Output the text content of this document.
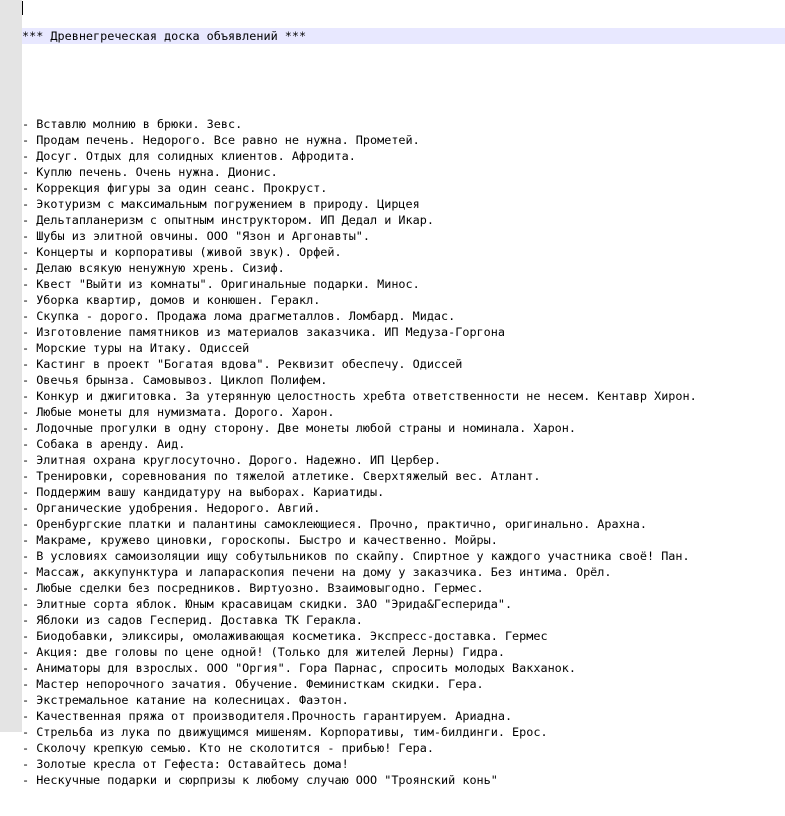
*** Древнегреческая доска объявлений ***

- Вставлю молнию в брюки. Зевс.
- Продам печень. Недорого. Все равно не нужна. Прометей.
- Досуг. Отдых для солидных клиентов. Афродита.
- Куплю печень. Очень нужна. Дионис.
- Коррекция фигуры за один сеанс. Прокруст.
- Экотуризм с максимальным погружением в природу. Цирцея
- Дельтапланеризм с опытным инструктором. ИП Дедал и Икар.
- Шубы из элитной овчины. ООО "Язон и Аргонавты".
- Концерты и корпоративы (живой звук). Орфей.
- Делаю всякую ненужную хрень. Сизиф.
- Квест "Выйти из комнаты". Оригинальные подарки. Минос.
- Уборка квартир, домов и конюшен. Геракл.
- Скупка - дорого. Продажа лома драгметаллов. Ломбард. Мидас.
- Изготовление памятников из материалов заказчика. ИП Медуза-Горгона
- Морские туры на Итаку. Одиссей
- Кастинг в проект "Богатая вдова". Реквизит обеспечу. Одиссей
- Овечья брынза. Самовывоз. Циклоп Полифем.
- Конкур и джигитовка. За утерянную целостность хребта ответственности не несем. Кентавр Хирон.
- Любые монеты для нумизмата. Дорого. Харон.
- Лодочные прогулки в одну сторону. Две монеты любой страны и номинала. Харон.
- Собака в аренду. Аид.
- Элитная охрана круглосуточно. Дорого. Надежно. ИП Цербер.
- Тренировки, соревнования по тяжелой атлетике. Сверхтяжелый вес. Атлант.
- Поддержим вашу кандидатуру на выборах. Кариатиды.
- Органические удобрения. Недорого. Авгий.
- Оренбургские платки и палантины самоклеющиеся. Прочно, практично, оригинально. Арахна.
- Макраме, кружево циновки, гороскопы. Быстро и качественно. Мойры.
- В условиях самоизоляции ищу собутыльников по скайпу. Спиртное у каждого участника своё! Пан.
- Массаж, аккупунктура и лапараскопия печени на дому у заказчика. Без интима. Орёл.
- Любые сделки без посредников. Виртуозно. Взаимовыгодно. Гермес.
- Элитные сорта яблок. Юным красавицам скидки. ЗАО "Эрида&Гесперида".
- Яблоки из садов Гесперид. Доставка ТК Геракла.
- Биодобавки, эликсиры, омолаживающая косметика. Экспресс-доставка. Гермес
- Акция: две головы по цене одной! (Только для жителей Лерны) Гидра.
- Аниматоры для взрослых. ООО "Оргия". Гора Парнас, спросить молодых Вакханок.
- Мастер непорочного зачатия. Обучение. Феминисткам скидки. Гера.
- Экстремальное катание на колесницах. Фаэтон.
- Качественная пряжа от производителя.Прочность гарантируем. Ариадна.
- Стрельба из лука по движущимся мишеням. Корпоративы, тим-билдинги. Ерос.
- Сколочу крепкую семью. Кто не сколотится - прибью! Гера.
- Золотые кресла от Гефеста: Оставайтесь дома!
- Нескучные подарки и сюрпризы к любому случаю ООО "Троянский конь"
